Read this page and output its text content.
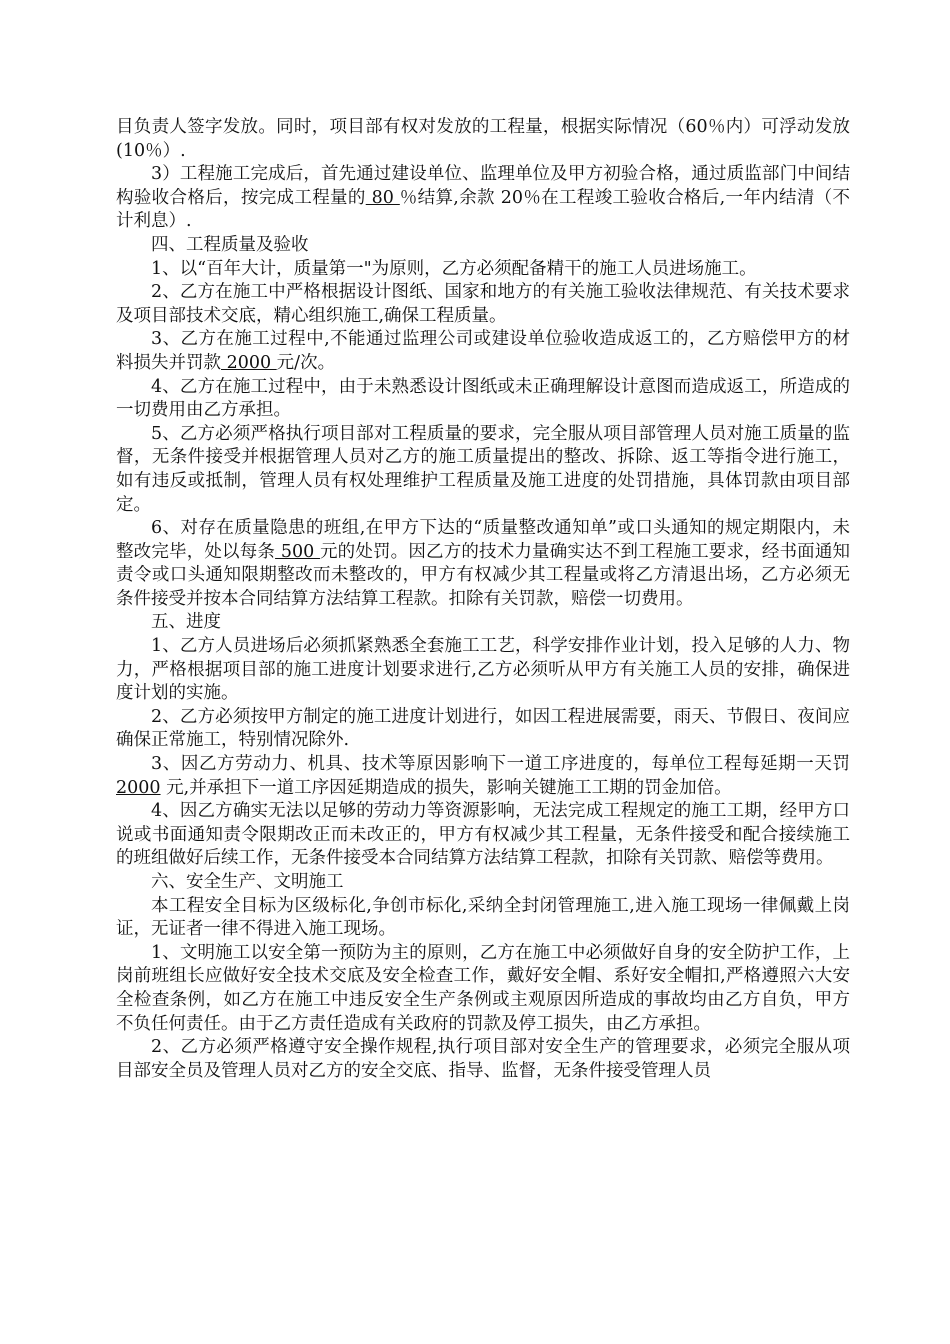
目负责人签字发放。同时，项目部有权对发放的工程量，根据实际情况（60％内）可浮动发放(10％）.

3）工程施工完成后，首先通过建设单位、监理单位及甲方初验合格，通过质监部门中间结构验收合格后，按完成工程量的 80 ％结算,余款 20％在工程竣工验收合格后,一年内结清（不计利息）.

四、工程质量及验收

1、以“百年大计，质量第一"为原则，乙方必须配备精干的施工人员进场施工。

2、乙方在施工中严格根据设计图纸、国家和地方的有关施工验收法律规范、有关技术要求及项目部技术交底，精心组织施工,确保工程质量。

3、乙方在施工过程中,不能通过监理公司或建设单位验收造成返工的，乙方赔偿甲方的材料损失并罚款 2000 元/次。

4、乙方在施工过程中，由于未熟悉设计图纸或未正确理解设计意图而造成返工，所造成的一切费用由乙方承担。

5、乙方必须严格执行项目部对工程质量的要求，完全服从项目部管理人员对施工质量的监督，无条件接受并根据管理人员对乙方的施工质量提出的整改、拆除、返工等指令进行施工，如有违反或抵制，管理人员有权处理维护工程质量及施工进度的处罚措施，具体罚款由项目部定。

6、对存在质量隐患的班组,在甲方下达的“质量整改通知单”或口头通知的规定期限内，未整改完毕，处以每条 500 元的处罚。因乙方的技术力量确实达不到工程施工要求，经书面通知责令或口头通知限期整改而未整改的，甲方有权减少其工程量或将乙方清退出场，乙方必须无条件接受并按本合同结算方法结算工程款。扣除有关罚款，赔偿一切费用。

五、进度

1、乙方人员进场后必须抓紧熟悉全套施工工艺，科学安排作业计划，投入足够的人力、物力，严格根据项目部的施工进度计划要求进行,乙方必须听从甲方有关施工人员的安排，确保进度计划的实施。

2、乙方必须按甲方制定的施工进度计划进行，如因工程进展需要，雨天、节假日、夜间应确保正常施工，特别情况除外.

3、因乙方劳动力、机具、技术等原因影响下一道工序进度的，每单位工程每延期一天罚 2000 元,并承担下一道工序因延期造成的损失，影响关键施工工期的罚金加倍。

4、因乙方确实无法以足够的劳动力等资源影响，无法完成工程规定的施工工期，经甲方口说或书面通知责令限期改正而未改正的，甲方有权减少其工程量，无条件接受和配合接续施工的班组做好后续工作，无条件接受本合同结算方法结算工程款，扣除有关罚款、赔偿等费用。

六、安全生产、文明施工

本工程安全目标为区级标化,争创市标化,采纳全封闭管理施工,进入施工现场一律佩戴上岗证，无证者一律不得进入施工现场。

1、文明施工以安全第一预防为主的原则，乙方在施工中必须做好自身的安全防护工作，上岗前班组长应做好安全技术交底及安全检查工作，戴好安全帽、系好安全帽扣,严格遵照六大安全检查条例，如乙方在施工中违反安全生产条例或主观原因所造成的事故均由乙方自负，甲方不负任何责任。由于乙方责任造成有关政府的罚款及停工损失，由乙方承担。

2、乙方必须严格遵守安全操作规程,执行项目部对安全生产的管理要求，必须完全服从项目部安全员及管理人员对乙方的安全交底、指导、监督，无条件接受管理人员
